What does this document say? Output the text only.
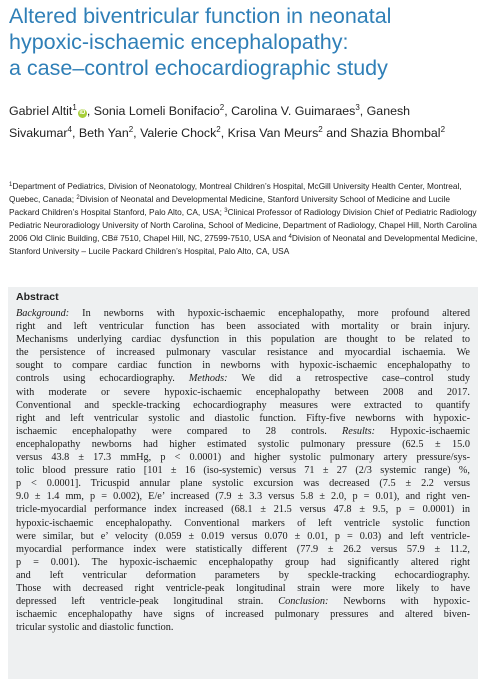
Altered biventricular function in neonatal
hypoxic-ischaemic encephalopathy:
a case–control echocardiographic study
Gabriel Altit$^1$iD , Sonia Lomeli Bonifacio$^2$, Carolina V. Guimaraes$^3$, Ganesh Sivakumar$^4$, Beth Yan$^2$, Valerie Chock$^2$, Krisa Van Meurs$^2$ and Shazia Bhombal$^2$
$^1$Department of Pediatrics, Division of Neonatology, Montreal Children’s Hospital, McGill University Health Center, Montreal, Quebec, Canada; $^2$Division of Neonatal and Developmental Medicine, Stanford University School of Medicine and Lucile Packard Children’s Hospital Stanford, Palo Alto, CA, USA; $^3$Clinical Professor of Radiology Division Chief of Pediatric Radiology Pediatric Neuroradiology University of North Carolina, School of Medicine, Department of Radiology, Chapel Hill, North Carolina 2006 Old Clinic Building, CB# 7510, Chapel Hill, NC, 27599-7510, USA and $^4$Division of Neonatal and Developmental Medicine, Stanford University – Lucile Packard Children’s Hospital, Palo Alto, CA, USA
Abstract
Background: In newborns with hypoxic-ischaemic encephalopathy, more profound altered
right and left ventricular function has been associated with mortality or brain injury.
Mechanisms underlying cardiac dysfunction in this population are thought to be related to
the persistence of increased pulmonary vascular resistance and myocardial ischaemia. We
sought to compare cardiac function in newborns with hypoxic-ischaemic encephalopathy to
controls using echocardiography. Methods: We did a retrospective case–control study
with moderate or severe hypoxic-ischaemic encephalopathy between 2008 and 2017.
Conventional and speckle-tracking echocardiography measures were extracted to quantify
right and left ventricular systolic and diastolic function. Fifty-five newborns with hypoxic-
ischaemic encephalopathy were compared to 28 controls. Results: Hypoxic-ischaemic
encephalopathy newborns had higher estimated systolic pulmonary pressure (62.5 ± 15.0
versus 43.8 ± 17.3 mmHg, p < 0.0001) and higher systolic pulmonary artery pressure/sys-
tolic blood pressure ratio [101 ± 16 (iso-systemic) versus 71 ± 27 (2/3 systemic range) %,
p < 0.0001]. Tricuspid annular plane systolic excursion was decreased (7.5 ± 2.2 versus
9.0 ± 1.4 mm, p = 0.002), E/e’ increased (7.9 ± 3.3 versus 5.8 ± 2.0, p = 0.01), and right ven-
tricle-myocardial performance index increased (68.1 ± 21.5 versus 47.8 ± 9.5, p = 0.0001) in
hypoxic-ischaemic encephalopathy. Conventional markers of left ventricle systolic function
were similar, but e’ velocity (0.059 ± 0.019 versus 0.070 ± 0.01, p = 0.03) and left ventricle-
myocardial performance index were statistically different (77.9 ± 26.2 versus 57.9 ± 11.2,
p = 0.001). The hypoxic-ischaemic encephalopathy group had significantly altered right
and left ventricular deformation parameters by speckle-tracking echocardiography.
Those with decreased right ventricle-peak longitudinal strain were more likely to have
depressed left ventricle-peak longitudinal strain. Conclusion: Newborns with hypoxic-
ischaemic encephalopathy have signs of increased pulmonary pressures and altered biven-
tricular systolic and diastolic function.
